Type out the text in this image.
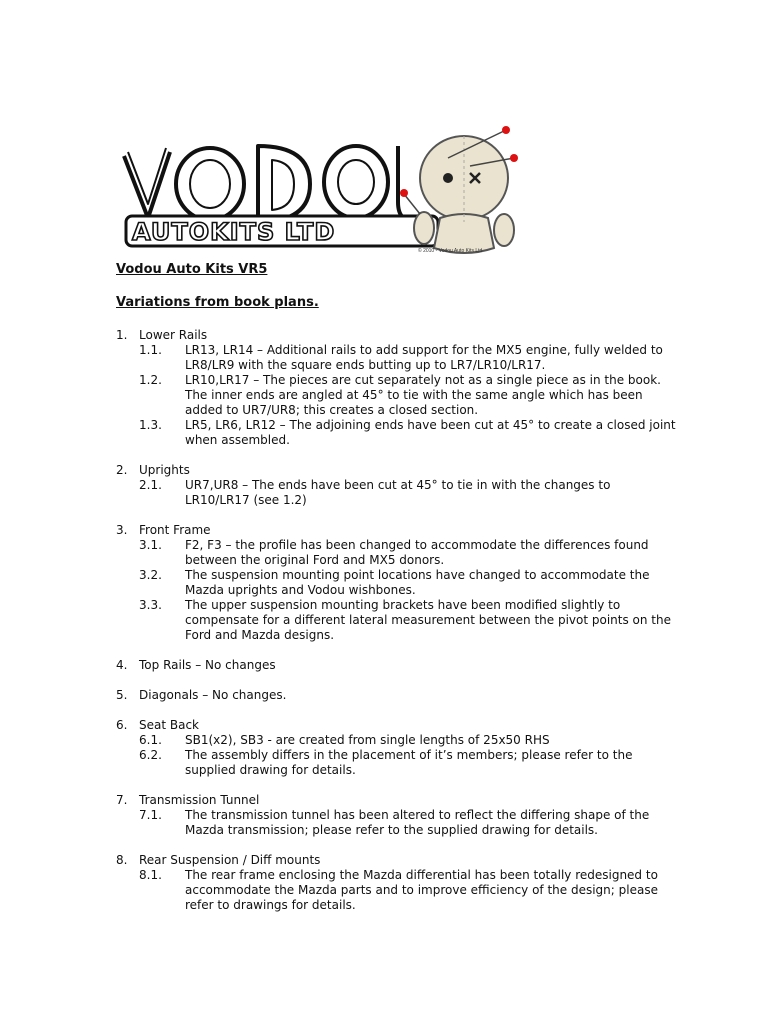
AUTOKITS LTD
© 2010 - Vodou Auto Kits Ltd
Vodou Auto Kits VR5
Variations from book plans.
1. Lower Rails
1.1.	LR13, LR14 – Additional rails to add support for the MX5 engine, fully welded to LR8/LR9 with the square ends butting up to LR7/LR10/LR17.
1.2.	LR10,LR17 – The pieces are cut separately not as a single piece as in the book. The inner ends are angled at 45° to tie with the same angle which has been added to UR7/UR8; this creates a closed section.
1.3.	LR5, LR6, LR12 – The adjoining ends have been cut at 45° to create a closed joint when assembled.
2. Uprights
2.1.	UR7,UR8 – The ends have been cut at 45° to tie in with the changes to LR10/LR17 (see 1.2)
3. Front Frame
3.1.	F2, F3 – the profile has been changed to accommodate the differences found between the original Ford and MX5 donors.
3.2.	The suspension mounting point locations have changed to accommodate the Mazda uprights and Vodou wishbones.
3.3.	The upper suspension mounting brackets have been modified slightly to compensate for a different lateral measurement between the pivot points on the Ford and Mazda designs.
4. Top Rails – No changes
5. Diagonals – No changes.
6. Seat Back
6.1.	SB1(x2), SB3 - are created from single lengths of 25x50 RHS
6.2.	The assembly differs in the placement of it’s members; please refer to the supplied drawing for details.
7. Transmission Tunnel
7.1.	The transmission tunnel has been altered to reflect the differing shape of the Mazda transmission; please refer to the supplied drawing for details.
8. Rear Suspension / Diff mounts
8.1.	The rear frame enclosing the Mazda differential has been totally redesigned to accommodate the Mazda parts and to improve efficiency of the design; please refer to drawings for details.
